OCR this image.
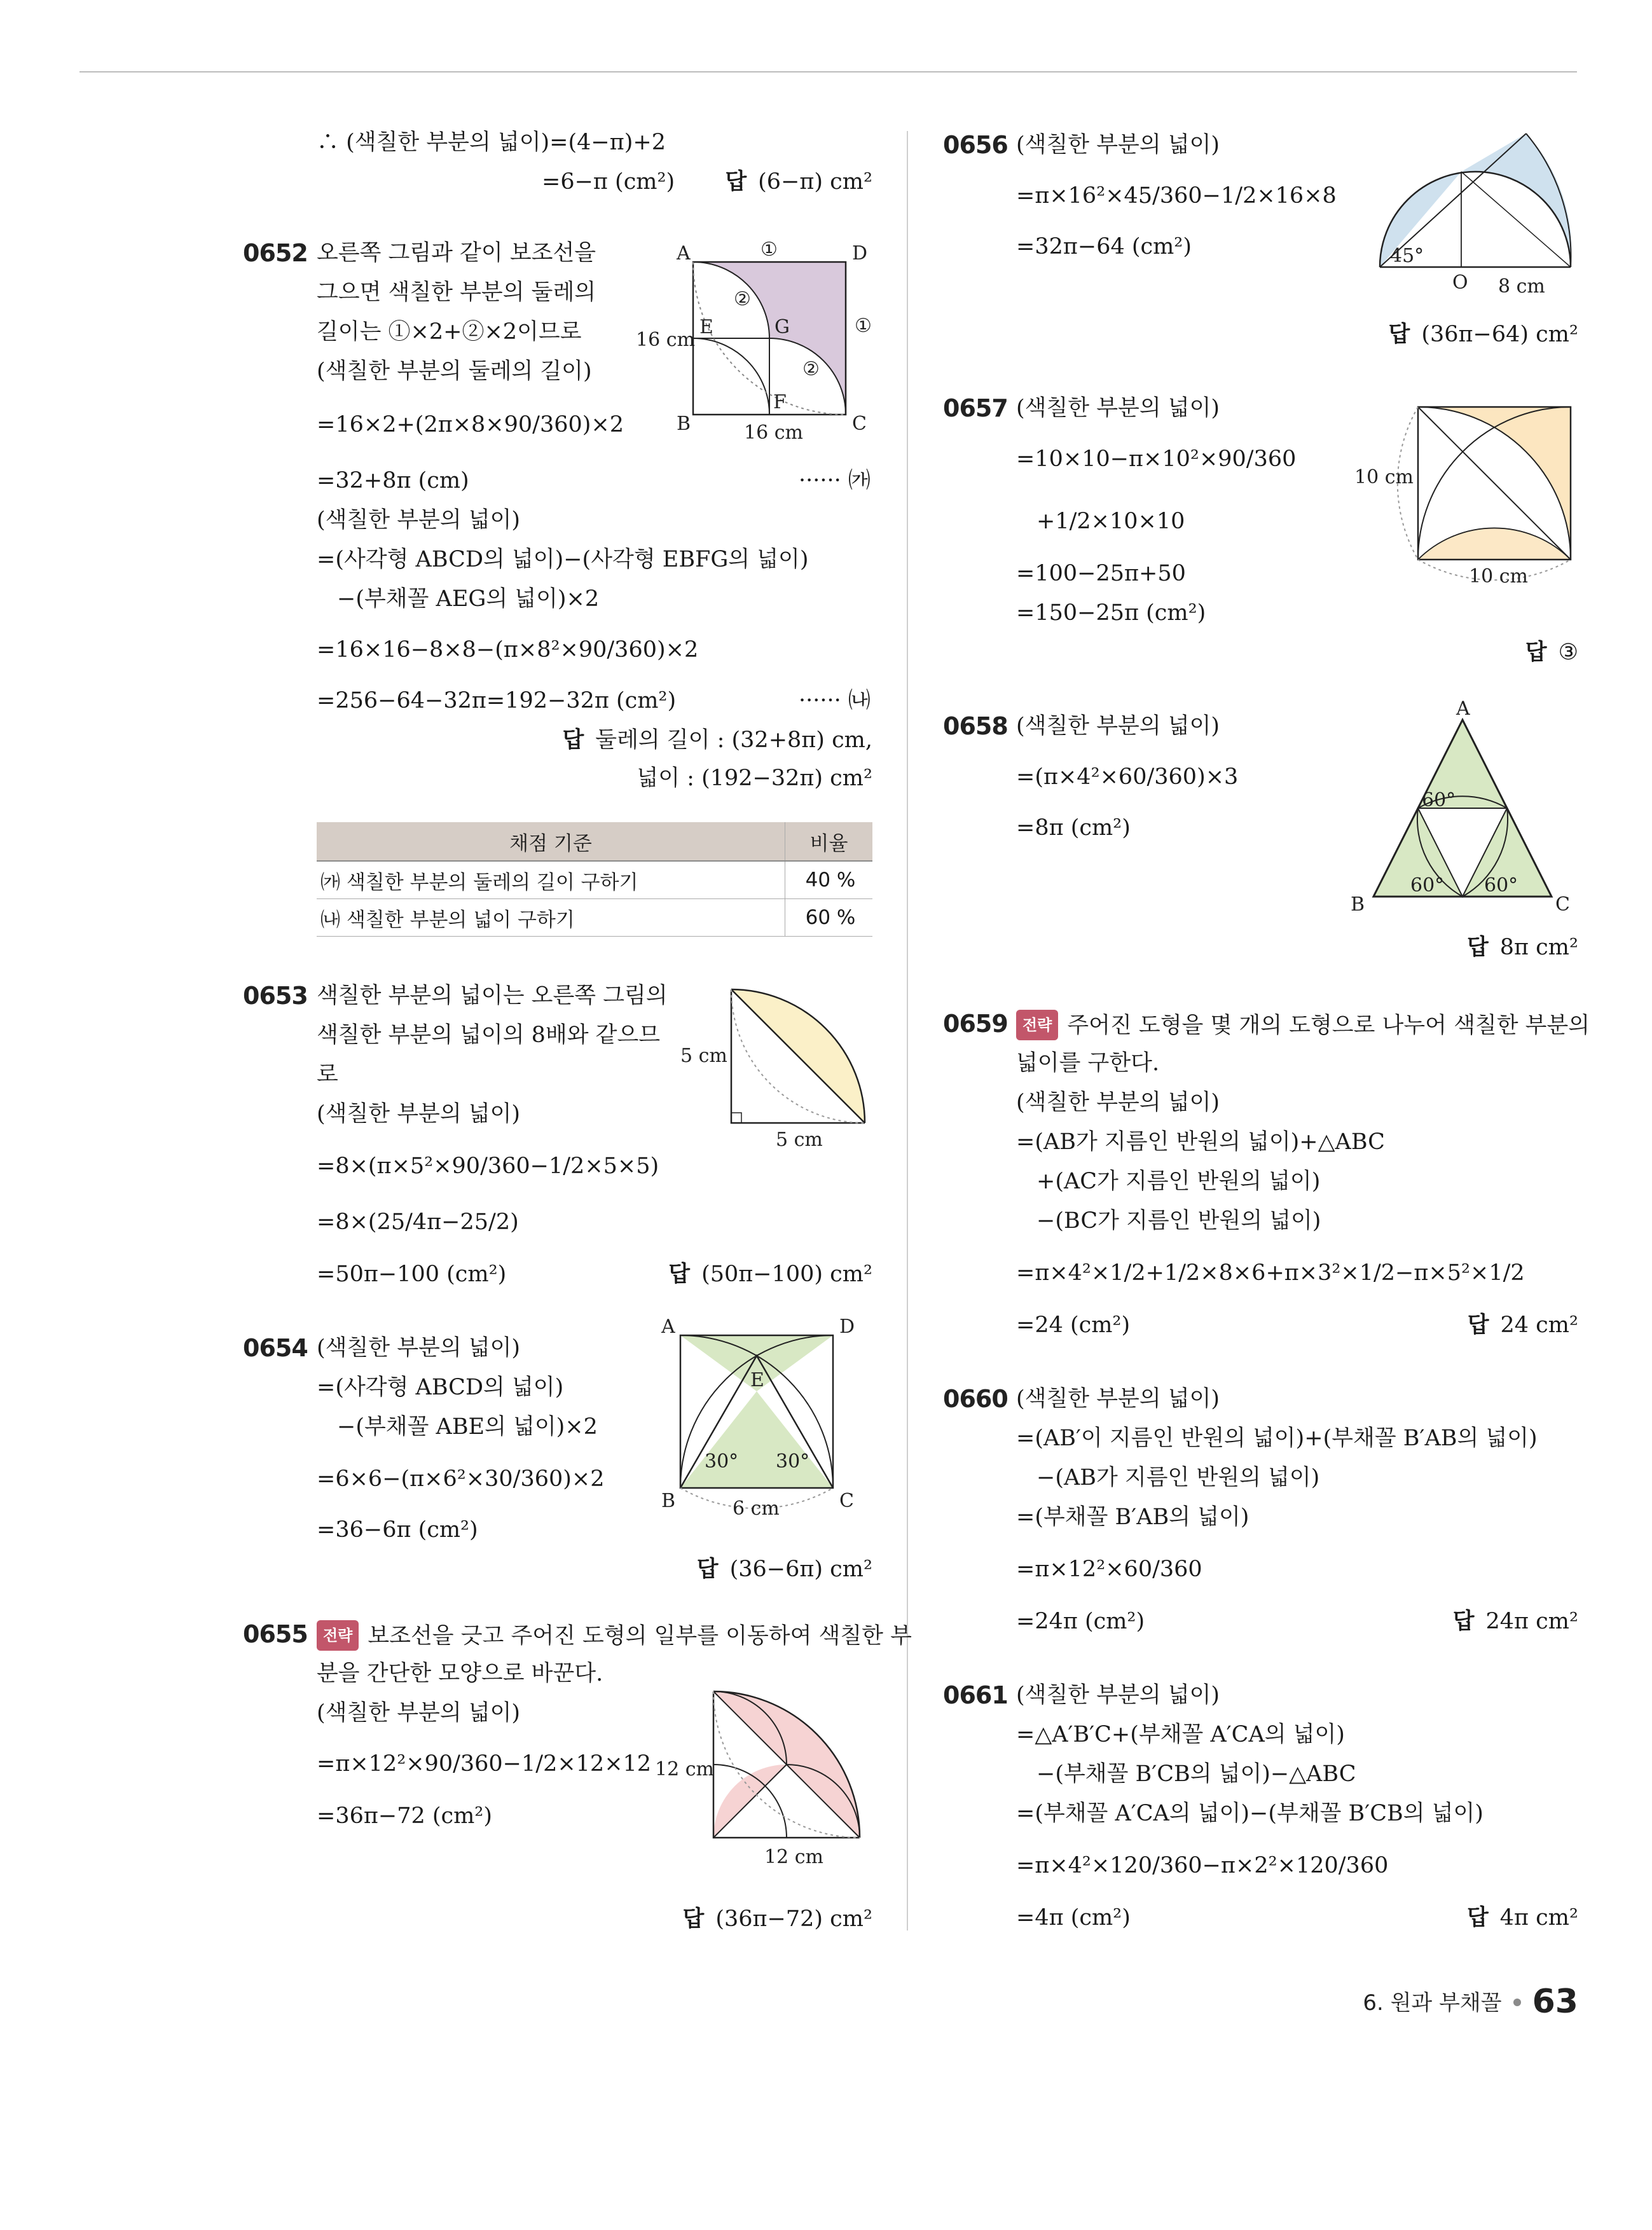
∴ (색칠한 부분의 넓이)=(4−π)+2
=6−π (cm²) 답 (6−π) cm²
0652 오른쪽 그림과 같이 보조선을
그으면 색칠한 부분의 둘레의
길이는 ①×2+②×2이므로
(색칠한 부분의 둘레의 길이)
=16×2+(2π×8×90/360)×2
=32+8π (cm)	······ ㈎
(색칠한 부분의 넓이)
=(사각형 ABCD의 넓이)−(사각형 EBFG의 넓이)
−(부채꼴 AEG의 넓이)×2
=16×16−8×8−(π×8²×90/360)×2
=256−64−32π=192−32π (cm²)	······ ㈏
답 둘레의 길이 : (32+8π) cm,
넓이 : (192−32π) cm²
A	D
B	C
E
F
G
①
①
②
②
16 cm
16 cm
채점 기준	비율
㈎ 색칠한 부분의 둘레의 길이 구하기	40 %
㈏ 색칠한 부분의 넓이 구하기	60 %
0653 색칠한 부분의 넓이는 오른쪽 그림의
색칠한 부분의 넓이의 8배와 같으므
로
(색칠한 부분의 넓이)
=8×(π×5²×90/360−1/2×5×5)
=8×(25/4π−25/2)
=50π−100 (cm²)	답 (50π−100) cm²
5 cm
5 cm
0654 (색칠한 부분의 넓이)
=(사각형 ABCD의 넓이)
−(부채꼴 ABE의 넓이)×2
=6×6−(π×6²×30/360)×2
=36−6π (cm²)
답 (36−6π) cm²
A	D
B	C
E
30° 30°
6 cm
0655	전략 보조선을 긋고 주어진 도형의 일부를 이동하여 색칠한 부
분을 간단한 모양으로 바꾼다.
(색칠한 부분의 넓이)
=π×12²×90/360−1/2×12×12
=36π−72 (cm²)
답 (36π−72) cm²
12 cm
12 cm
0656 (색칠한 부분의 넓이)
=π×16²×45/360−1/2×16×8
=32π−64 (cm²)
답 (36π−64) cm²
45°
O 8 cm
0657 (색칠한 부분의 넓이)
=10×10−π×10²×90/360
+1/2×10×10
=100−25π+50
=150−25π (cm²)
답 ③
10 cm
10 cm
0658 (색칠한 부분의 넓이)
=(π×4²×60/360)×3
=8π (cm²)
답 8π cm²
A
B	C
60°
60° 60°
0659 전략 주어진 도형을 몇 개의 도형으로 나누어 색칠한 부분의
넓이를 구한다.
(색칠한 부분의 넓이)
=(AB가 지름인 반원의 넓이)+△ABC
+(AC가 지름인 반원의 넓이)
−(BC가 지름인 반원의 넓이)
=π×4²×1/2+1/2×8×6+π×3²×1/2−π×5²×1/2
=24 (cm²)	답 24 cm²
0660 (색칠한 부분의 넓이)
=(AB′이 지름인 반원의 넓이)+(부채꼴 B′AB의 넓이)
−(AB가 지름인 반원의 넓이)
=(부채꼴 B′AB의 넓이)
=π×12²×60/360
=24π (cm²)	답 24π cm²
0661 (색칠한 부분의 넓이)
=△A′B′C+(부채꼴 A′CA의 넓이)
−(부채꼴 B′CB의 넓이)−△ABC
=(부채꼴 A′CA의 넓이)−(부채꼴 B′CB의 넓이)
=π×4²×120/360−π×2²×120/360
=4π (cm²)	답 4π cm²
6. 원과 부채꼴 63
